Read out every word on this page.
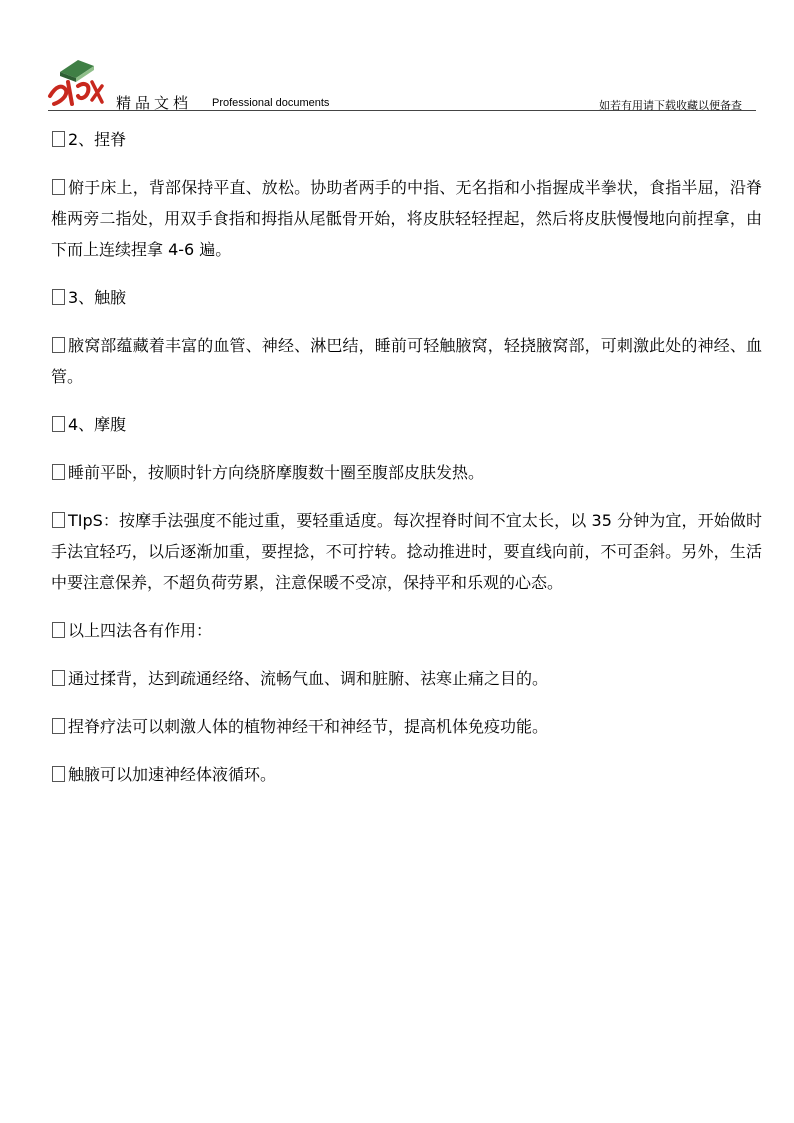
精品文档 Professional documents	如若有用请下载收藏以便备查

2、捏脊

俯于床上，背部保持平直、放松。协助者两手的中指、无名指和小指握成半拳状，食指半屈，沿脊椎两旁二指处，用双手食指和拇指从尾骶骨开始，将皮肤轻轻捏起，然后将皮肤慢慢地向前捏拿，由下而上连续捏拿 4-6 遍。

3、触腋

腋窝部蕴藏着丰富的血管、神经、淋巴结，睡前可轻触腋窝，轻挠腋窝部，可刺激此处的神经、血管。

4、摩腹

睡前平卧，按顺时针方向绕脐摩腹数十圈至腹部皮肤发热。

TIpS：按摩手法强度不能过重，要轻重适度。每次捏脊时间不宜太长，以 35 分钟为宜，开始做时手法宜轻巧，以后逐渐加重，要捏捻，不可拧转。捻动推进时，要直线向前，不可歪斜。另外，生活中要注意保养，不超负荷劳累，注意保暖不受凉，保持平和乐观的心态。

以上四法各有作用：

通过揉背，达到疏通经络、流畅气血、调和脏腑、祛寒止痛之目的。

捏脊疗法可以刺激人体的植物神经干和神经节，提高机体免疫功能。

触腋可以加速神经体液循环。
